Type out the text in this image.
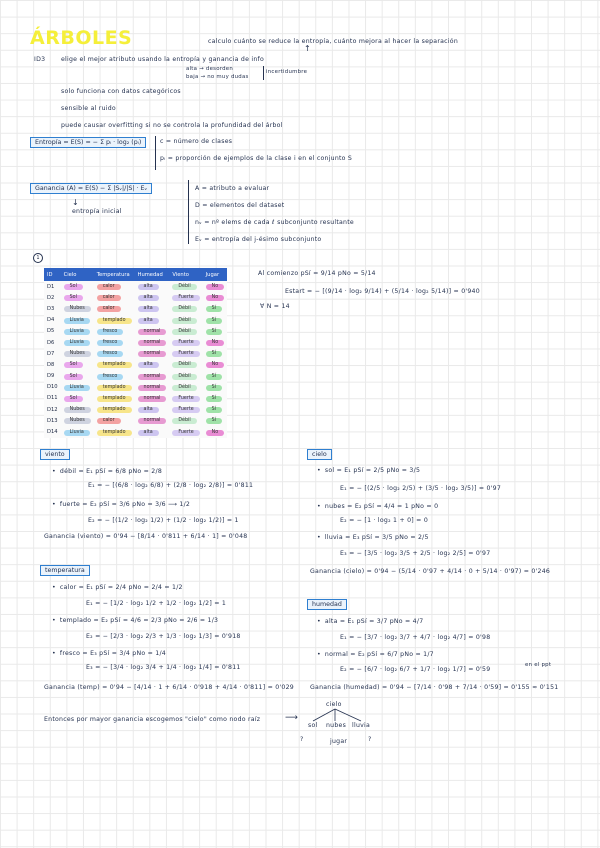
ÁRBOLES	calculo cuánto se reduce la entropía, cuánto mejora al hacer la separación
↑
ID3	elige el mejor atributo usando la entropía y ganancia de info
alta → desorden
baja → no muy dudas
incertidumbre
solo funciona con datos categóricos
sensible al ruido
puede causar overfitting si no se controla la profundidad del árbol
Entropía = E(S) = − Σ pᵢ · log₂ (pᵢ)	c = número de clases
pᵢ = proporción de ejemplos de la clase i en el conjunto S
Ganancia (A) = E(S) − Σ |Sᵥ|/|S| · Eᵥ
↓
entropía inicial
A = atributo a evaluar
D = elementos del dataset
nᵥ = nº elems de cada ℓ subconjunto resultante
Eᵥ = entropía del j-ésimo subconjunto
1
ID	Cielo	Temperatura	Humedad	Viento	Jugar
D1	Sol	calor	alta	Débil	No
D2	Sol	calor	alta	Fuerte	No
D3	Nubes	calor	alta	Débil	Sí
D4	Lluvia	templado	alta	Débil	Sí
D5	Lluvia	fresco	normal	Débil	Sí
D6	Lluvia	fresco	normal	Fuerte	No
D7	Nubes	fresco	normal	Fuerte	Sí
D8	Sol	templado	alta	Débil	No
D9	Sol	fresco	normal	Débil	Sí
D10	Lluvia	templado	normal	Débil	Sí
D11	Sol	templado	normal	Fuerte	Sí
D12	Nubes	templado	alta	Fuerte	Sí
D13	Nubes	calor	normal	Débil	Sí
D14	Lluvia	templado	alta	Fuerte	No
Al comienzo pSí = 9/14 pNo = 5/14
Estart = − [(9/14 · log₂ 9/14) + (5/14 · log₂ 5/14)] = 0'940
∀ N = 14
viento
• débil = E₁ pSí = 6/8 pNo = 2/8
E₁ = − [(6/8 · log₂ 6/8) + (2/8 · log₂ 2/8)] = 0'811
• fuerte = E₂ pSí = 3/6 pNo = 3/6 ⟶ 1/2
E₂ = − [(1/2 · log₂ 1/2) + (1/2 · log₂ 1/2)] = 1
Ganancia (viento) = 0'94 − [8/14 · 0'811 + 6/14 · 1] = 0'048
cielo
• sol = E₁ pSí = 2/5 pNo = 3/5
E₁ = − [(2/5 · log₂ 2/5) + (3/5 · log₂ 3/5)] = 0'97
• nubes = E₂ pSí = 4/4 = 1 pNo = 0
E₂ = − [1 · log₂ 1 + 0] = 0
• lluvia = E₃ pSí = 3/5 pNo = 2/5
E₃ = − [3/5 · log₂ 3/5 + 2/5 · log₂ 2/5] = 0'97
Ganancia (cielo) = 0'94 − (5/14 · 0'97 + 4/14 · 0 + 5/14 · 0'97) = 0'246
temperatura
• calor = E₁ pSí = 2/4 pNo = 2/4 = 1/2
E₁ = − [1/2 · log₂ 1/2 + 1/2 · log₂ 1/2] = 1
• templado = E₂ pSí = 4/6 = 2/3 pNo = 2/6 = 1/3
E₂ = − [2/3 · log₂ 2/3 + 1/3 · log₂ 1/3] = 0'918
• fresco = E₃ pSí = 3/4 pNo = 1/4
E₃ = − [3/4 · log₂ 3/4 + 1/4 · log₂ 1/4] = 0'811
Ganancia (temp) = 0'94 − [4/14 · 1 + 6/14 · 0'918 + 4/14 · 0'811] = 0'029
humedad
• alta = E₁ pSí = 3/7 pNo = 4/7
E₁ = − [3/7 · log₂ 3/7 + 4/7 · log₂ 4/7] = 0'98
• normal = E₂ pSí = 6/7 pNo = 1/7
E₂ = − [6/7 · log₂ 6/7 + 1/7 · log₂ 1/7] = 0'59
en el ppt
Ganancia (humedad) = 0'94 − [7/14 · 0'98 + 7/14 · 0'59] = 0'155 ≈ 0'151
Entonces por mayor ganancia escogemos "cielo" como nodo raíz	⟶
cielo
sol nubes lluvia
?	jugar	?
